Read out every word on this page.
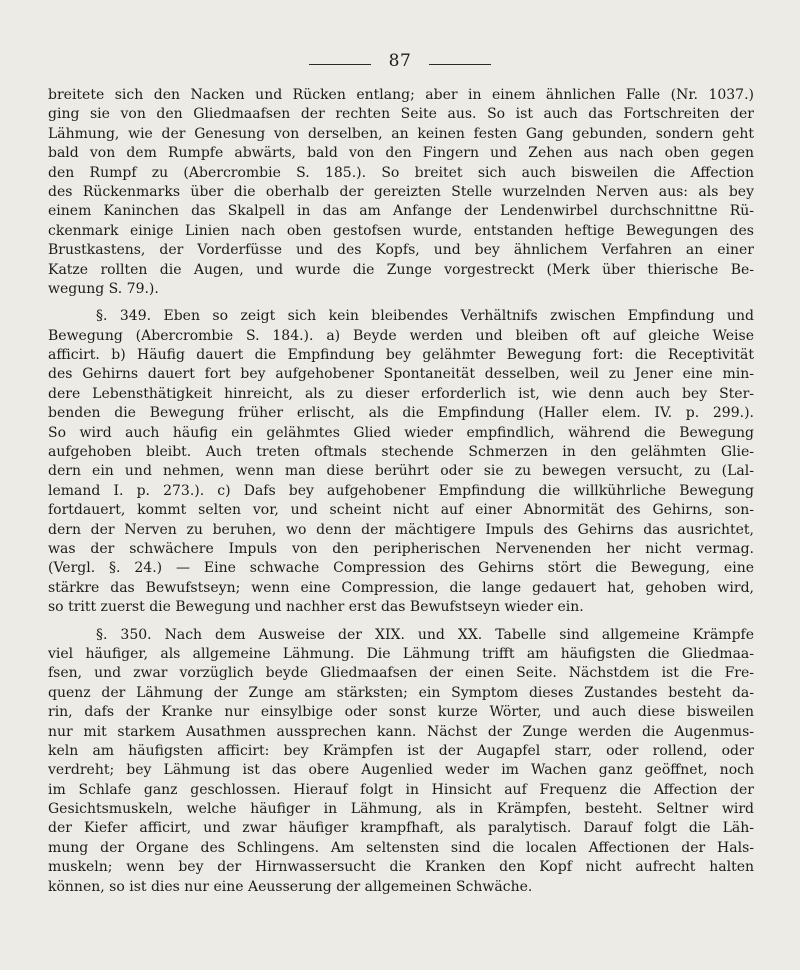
87
breitete sich den Nacken und Rücken entlang; aber in einem ähnlichen Falle (Nr. 1037.)
ging sie von den Gliedmaafsen der rechten Seite aus. So ist auch das Fortschreiten der
Lähmung, wie der Genesung von derselben, an keinen festen Gang gebunden, sondern geht
bald von dem Rumpfe abwärts, bald von den Fingern und Zehen aus nach oben gegen
den Rumpf zu (Abercrombie S. 185.). So breitet sich auch bisweilen die Affection
des Rückenmarks über die oberhalb der gereizten Stelle wurzelnden Nerven aus: als bey
einem Kaninchen das Skalpell in das am Anfange der Lendenwirbel durchschnittne Rü-
ckenmark einige Linien nach oben gestofsen wurde, entstanden heftige Bewegungen des
Brustkastens, der Vorderfüsse und des Kopfs, und bey ähnlichem Verfahren an einer
Katze rollten die Augen, und wurde die Zunge vorgestreckt (Merk über thierische Be-
wegung S. 79.).
§. 349. Eben so zeigt sich kein bleibendes Verhältnifs zwischen Empfindung und
Bewegung (Abercrombie S. 184.). a) Beyde werden und bleiben oft auf gleiche Weise
afficirt. b) Häufig dauert die Empfindung bey gelähmter Bewegung fort: die Receptivität
des Gehirns dauert fort bey aufgehobener Spontaneität desselben, weil zu Jener eine min-
dere Lebensthätigkeit hinreicht, als zu dieser erforderlich ist, wie denn auch bey Ster-
benden die Bewegung früher erlischt, als die Empfindung (Haller elem. IV. p. 299.).
So wird auch häufig ein gelähmtes Glied wieder empfindlich, während die Bewegung
aufgehoben bleibt. Auch treten oftmals stechende Schmerzen in den gelähmten Glie-
dern ein und nehmen, wenn man diese berührt oder sie zu bewegen versucht, zu (Lal-
lemand I. p. 273.). c) Dafs bey aufgehobener Empfindung die willkührliche Bewegung
fortdauert, kommt selten vor, und scheint nicht auf einer Abnormität des Gehirns, son-
dern der Nerven zu beruhen, wo denn der mächtigere Impuls des Gehirns das ausrichtet,
was der schwächere Impuls von den peripherischen Nervenenden her nicht vermag.
(Vergl. §. 24.) — Eine schwache Compression des Gehirns stört die Bewegung, eine
stärkre das Bewufstseyn; wenn eine Compression, die lange gedauert hat, gehoben wird,
so tritt zuerst die Bewegung und nachher erst das Bewufstseyn wieder ein.
§. 350. Nach dem Ausweise der XIX. und XX. Tabelle sind allgemeine Krämpfe
viel häufiger, als allgemeine Lähmung. Die Lähmung trifft am häufigsten die Gliedmaa-
fsen, und zwar vorzüglich beyde Gliedmaafsen der einen Seite. Nächstdem ist die Fre-
quenz der Lähmung der Zunge am stärksten; ein Symptom dieses Zustandes besteht da-
rin, dafs der Kranke nur einsylbige oder sonst kurze Wörter, und auch diese bisweilen
nur mit starkem Ausathmen aussprechen kann. Nächst der Zunge werden die Augenmus-
keln am häufigsten afficirt: bey Krämpfen ist der Augapfel starr, oder rollend, oder
verdreht; bey Lähmung ist das obere Augenlied weder im Wachen ganz geöffnet, noch
im Schlafe ganz geschlossen. Hierauf folgt in Hinsicht auf Frequenz die Affection der
Gesichtsmuskeln, welche häufiger in Lähmung, als in Krämpfen, besteht. Seltner wird
der Kiefer afficirt, und zwar häufiger krampfhaft, als paralytisch. Darauf folgt die Läh-
mung der Organe des Schlingens. Am seltensten sind die localen Affectionen der Hals-
muskeln; wenn bey der Hirnwassersucht die Kranken den Kopf nicht aufrecht halten
können, so ist dies nur eine Aeusserung der allgemeinen Schwäche.
